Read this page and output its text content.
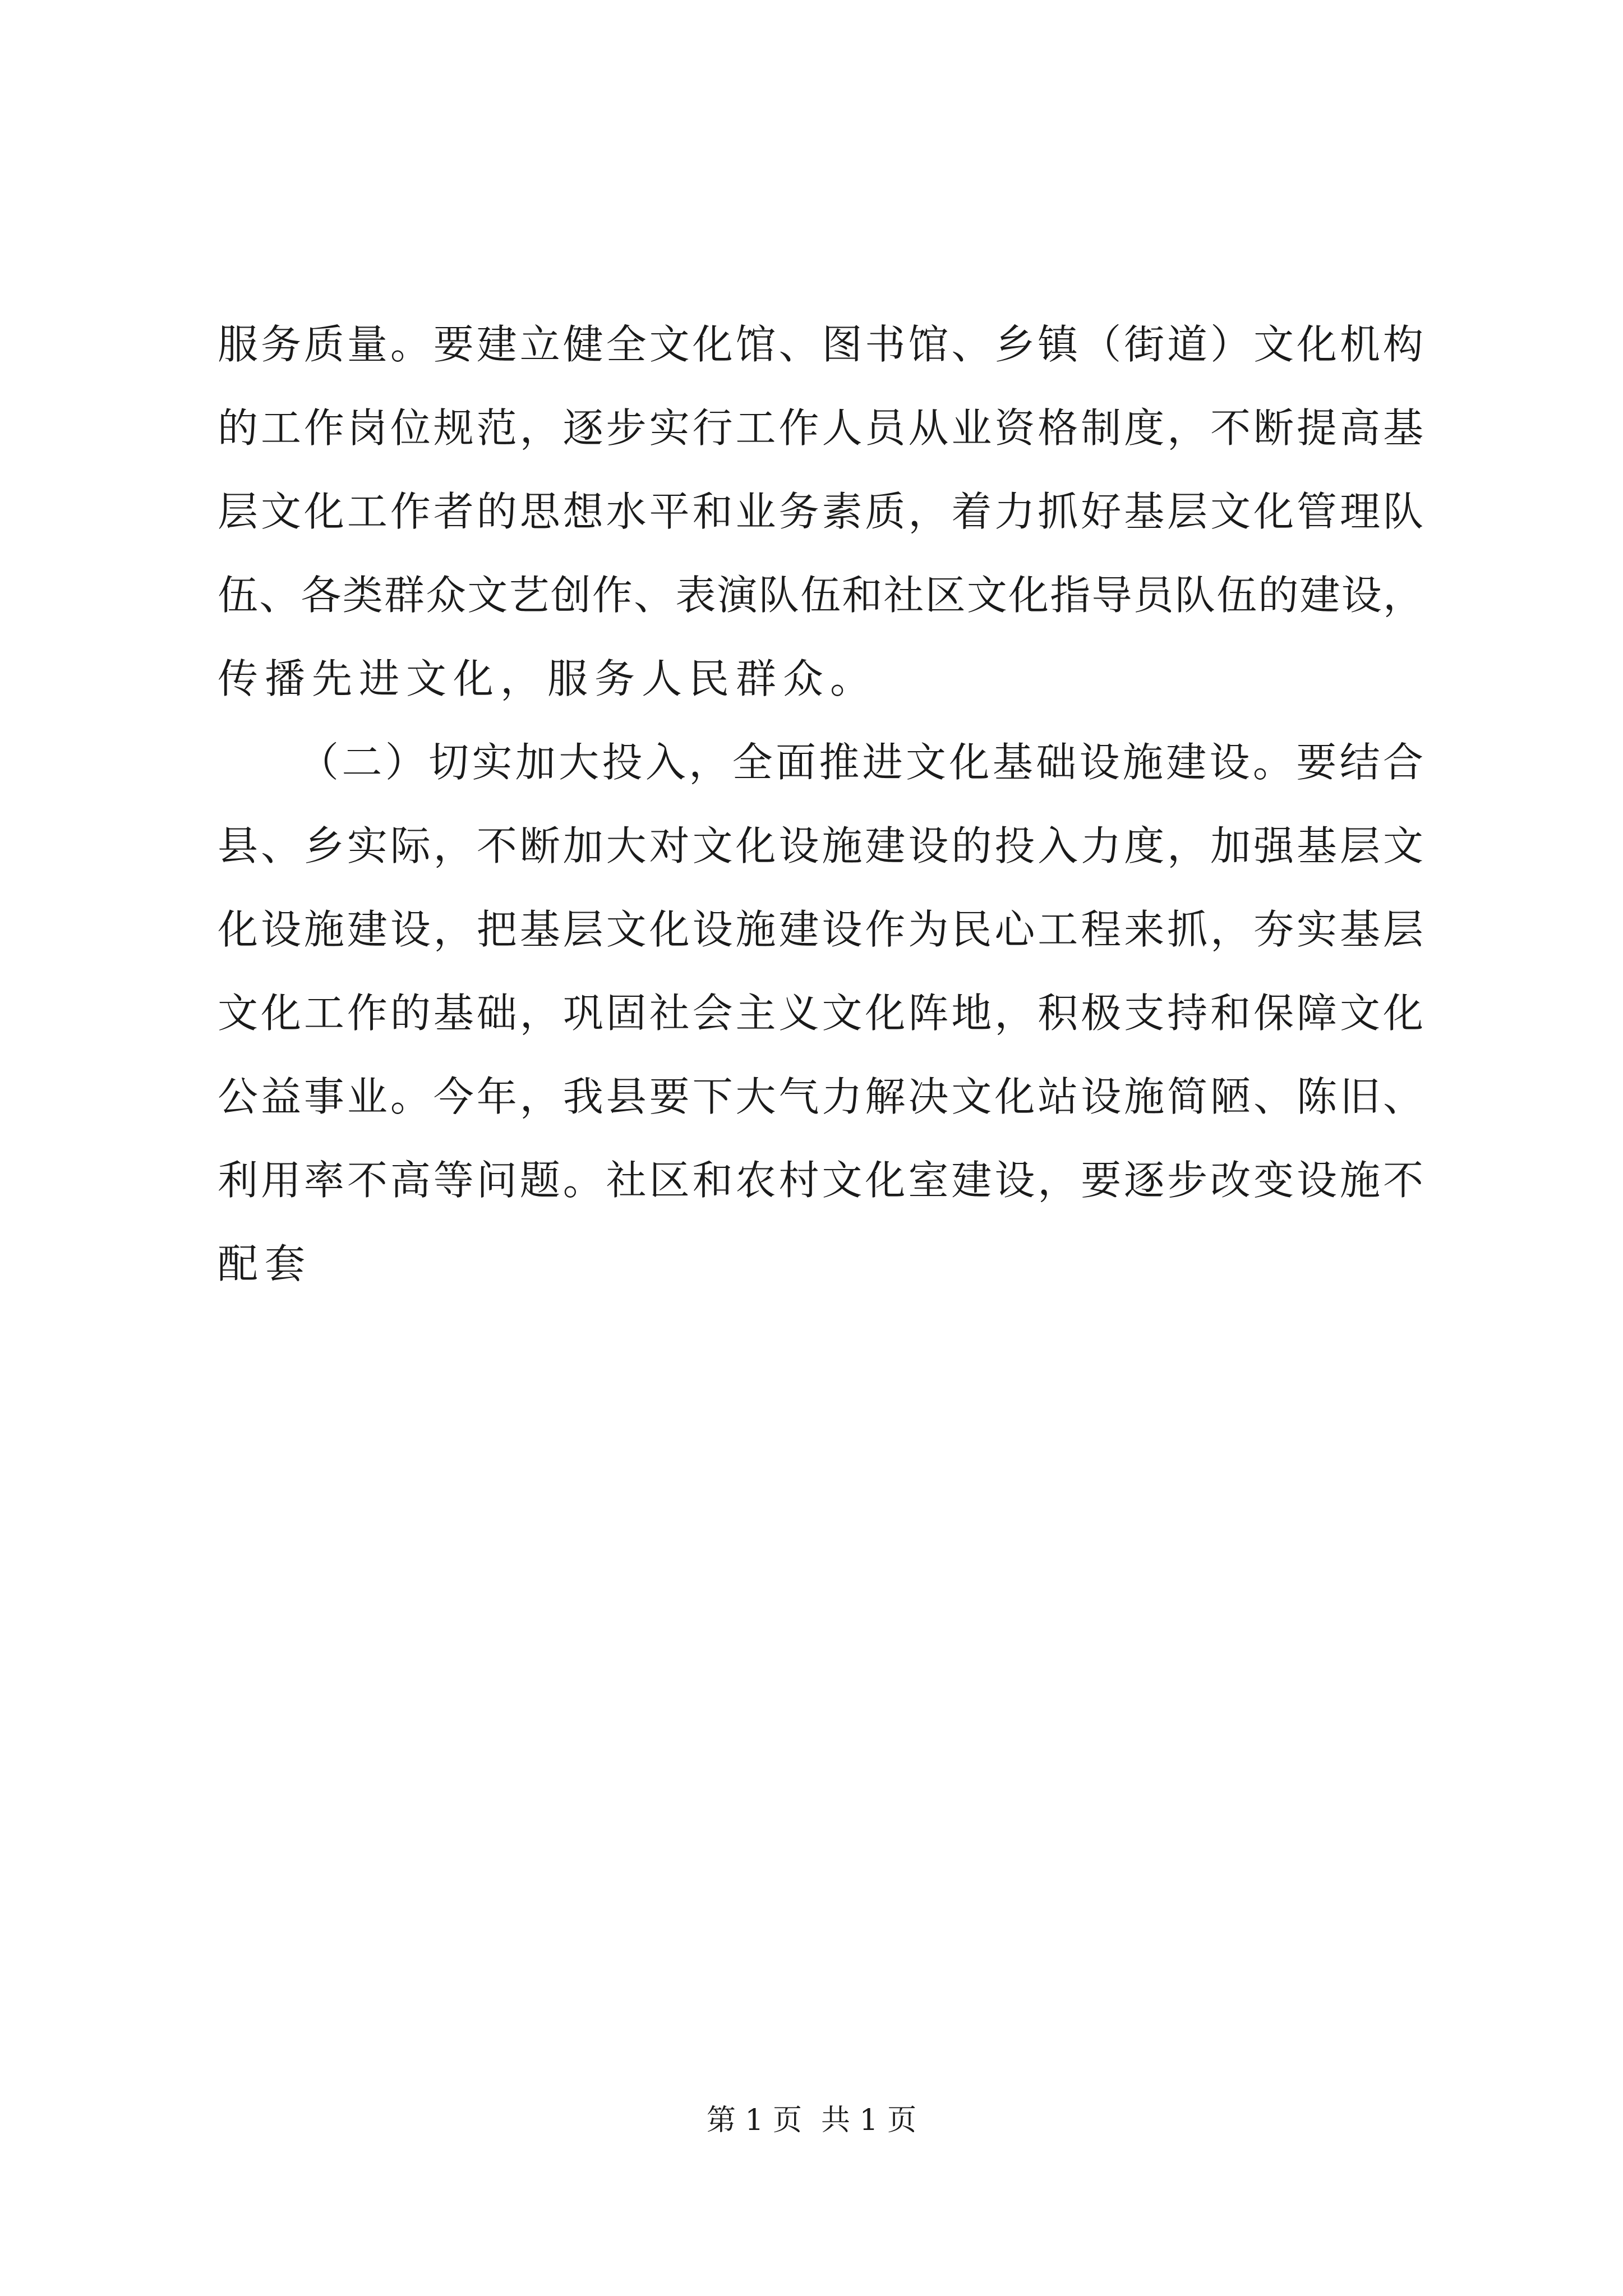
服务质量。要建立健全文化馆、图书馆、乡镇（街道）文化机构
的工作岗位规范，逐步实行工作人员从业资格制度，不断提高基
层文化工作者的思想水平和业务素质，着力抓好基层文化管理队
伍、各类群众文艺创作、表演队伍和社区文化指导员队伍的建设，
传播先进文化，服务人民群众。
（二）切实加大投入，全面推进文化基础设施建设。要结合
县、乡实际，不断加大对文化设施建设的投入力度，加强基层文
化设施建设，把基层文化设施建设作为民心工程来抓，夯实基层
文化工作的基础，巩固社会主义文化阵地，积极支持和保障文化
公益事业。今年，我县要下大气力解决文化站设施简陋、陈旧、
利用率不高等问题。社区和农村文化室建设，要逐步改变设施不
配套
第 1 页 共 1 页
